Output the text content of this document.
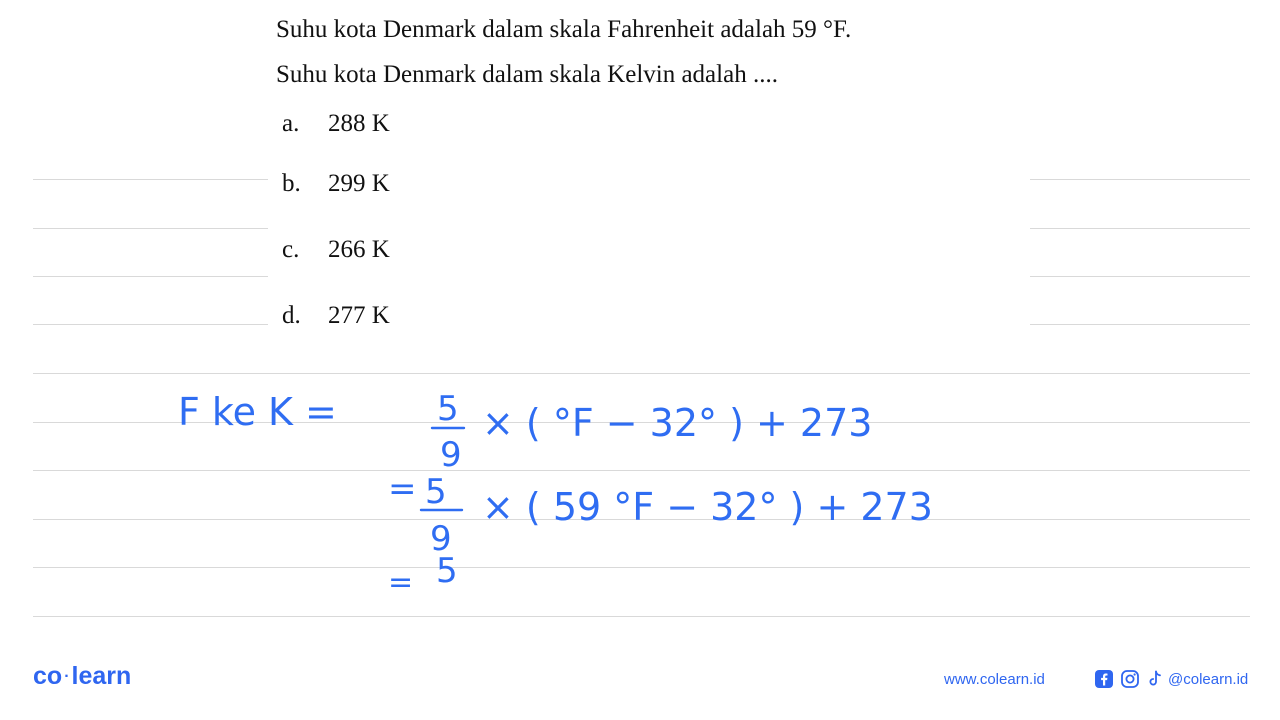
Suhu kota Denmark dalam skala Fahrenheit adalah 59 °F.
Suhu kota Denmark dalam skala Kelvin adalah ....
a. 288 K
b. 299 K
c. 266 K
d. 277 K
F ke K =	5
9
× ( °F − 32° ) + 273
= 5
9
× ( 59 °F − 32° ) + 273
= 5
co ·learn	www.colearn.id	@colearn.id
